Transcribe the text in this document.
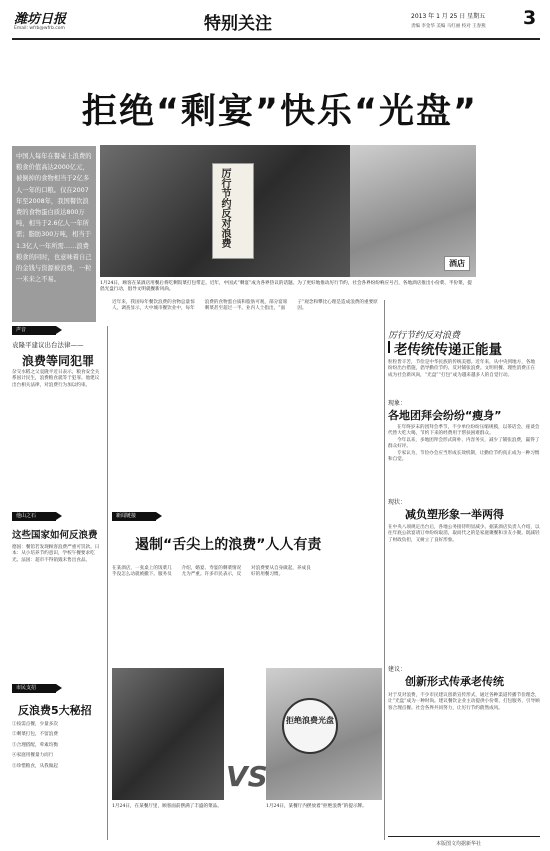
潍坊日报
Email: wfrb@wfrb.com	特别关注	2013 年 1 月 25 日 星期五
责编 李金华 美编 马红丽 校对 王春燕 3
拒绝“剩宴”快乐“光盘”
中国人每年在餐桌上浪费的粮食价值高达2000亿元，被倒掉的食物相当于2亿多人一年的口粮。仅在2007年至2008年，我国餐饮浪费的食物蛋白质达800万吨，相当于2.6亿人一年所需；脂肪300万吨，相当于1.3亿人一年所需……浪费粮食的同时，也意味着自己的金钱与资源被浪费，一粒一米来之不易。
厉行节约反对浪费
酒店
1月24日，顾客在某酒店用餐后将吃剩饭菜打包带走。近年，中国式“剩宴”成为各界热议的话题。为了更好地推动厉行节约，社会各界纷纷响应号召，各地酒店推出小份菜、半份菜，提倡光盘行动，倡导文明就餐新风尚。
厉行节约反对浪费
老传统传递正能量
粒粒皆辛苦，节俭是中华民族的传统美德。近年来，从中央到地方，各地纷纷出台措施，倡导勤俭节约、反对铺张浪费。文明用餐、理性消费正在成为社会新风尚，“光盘”“打包”成为越来越多人的自觉行动。
现象：
各地团拜会纷纷“瘦身”

在年终岁末的团拜会季节，不少单位纷纷压缩规模，以茶话会、座谈会代替大吃大喝，节约下来的经费用于帮扶困难群众。

今年以来，多地团拜会形式简朴、内容务实，减少了铺张浪费，赢得了群众好评。

专家认为，节俭办会应当形成长效机制，让勤俭节约真正成为一种习惯和自觉。

现状：
减负塑形象一举两得
在中央八项规定出台后，各地公务接待明显减少。据某酒店负责人介绍，以往年底公款宴请订单纷纷取消，取而代之的是家庭聚餐和亲友小聚。既减轻了财政负担，又树立了良好形象。
建议：
创新形式传承老传统
对于反对浪费，不少市民建议创新宣传形式，通过各种渠道传播节俭理念，让“光盘”成为一种时尚。建议餐饮企业主动提供小份菜、打包服务，引导顾客合理点餐。社会各界共同努力，让厉行节约蔚然成风。
本版图文均据新华社
声音
袁隆平建议出台法律——
浪费等同犯罪
杂交水稻之父袁隆平近日表示，粮食安全关系国计民生，浪费粮食就等于犯罪。他建议出台相关法律，对浪费行为加以约束。
他山之石
这些国家如何反浪费
德国：餐馆若发现顾客浪费严重可罚款。日本：从小培养节约意识，学校午餐要求吃光。法国：超市不得销毁未售出食品。
市民支招
反浪费5大秘招
①按需点餐，少量多次
②剩菜打包，不留浪费
③合理搭配，荤素均衡
④家庭用餐量力而行
⑤珍惜粮食，从我做起
近年来，我国每年餐饮浪费的食物总量惊人。调查显示，大中城市餐饮业中，每年浪费的食物蛋白质和脂肪可观，部分宴席剩菜甚至超过一半。业内人士指出，“面子”观念和攀比心理是造成浪费的重要原因。
新闻链接
遏制“舌尖上的浪费”人人有责
在某酒店，一张桌上的饭菜几乎没怎么动就被撤下。服务员介绍，婚宴、寿宴的剩菜情况尤为严重。许多市民表示，反对浪费要从自身做起，养成良好的用餐习惯。
拒绝浪费光盘
VS
1月24日，在某餐厅里，顾客面前摆满了丰盛的菜品。	1月24日，某餐厅内摆放着“拒绝浪费”的提示牌。
